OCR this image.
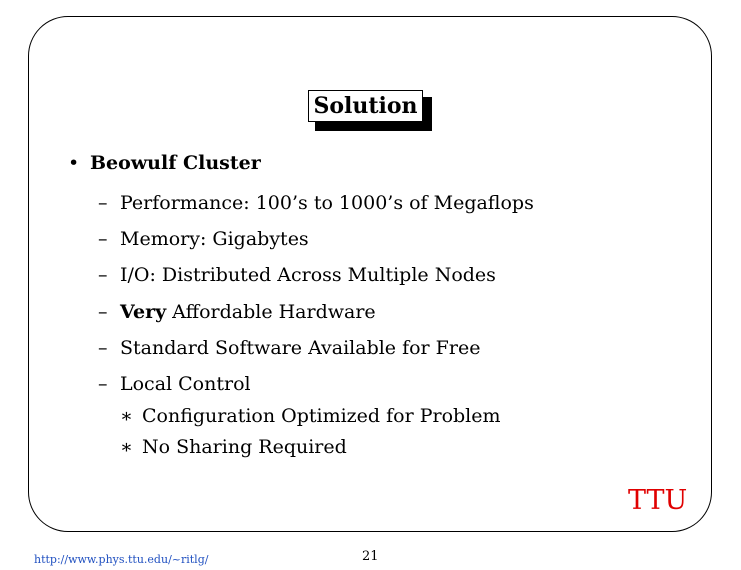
Solution
• Beowulf Cluster
– Performance: 100’s to 1000’s of Megaflops
– Memory: Gigabytes
– I/O: Distributed Across Multiple Nodes
– Very Affordable Hardware
– Standard Software Available for Free
– Local Control
∗ Configuration Optimized for Problem
∗ No Sharing Required
TTU
http://www.phys.ttu.edu/~ritlg/	21
